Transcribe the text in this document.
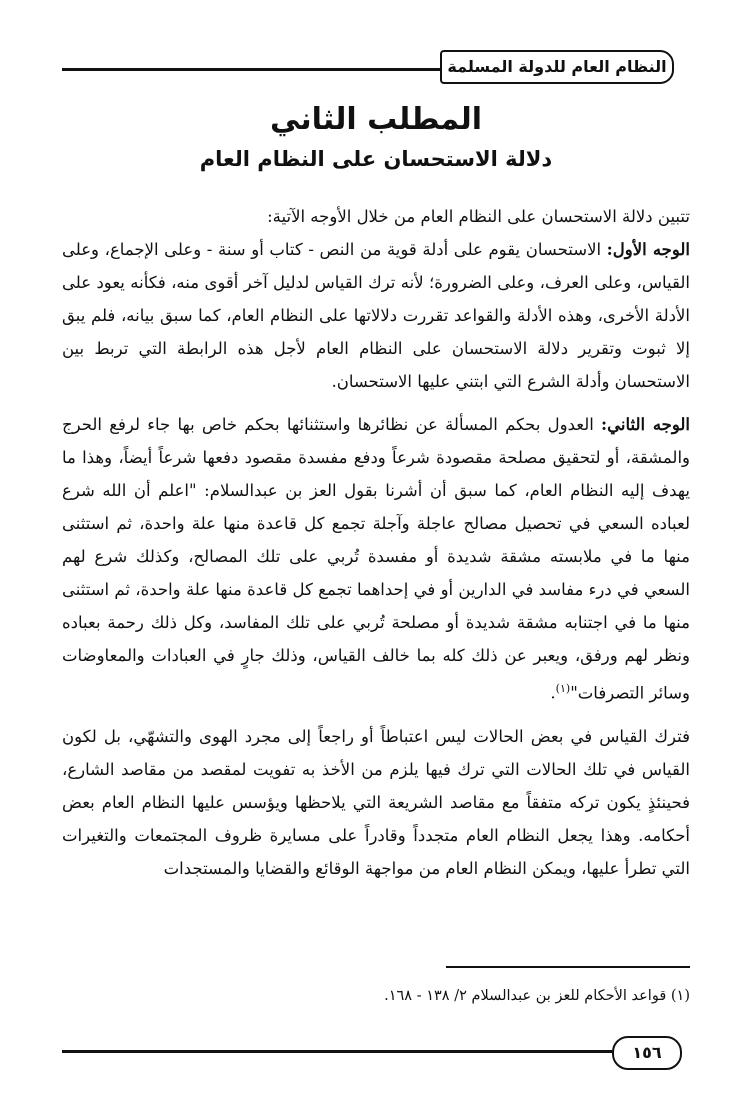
النظام العام للدولة المسلمة
المطلب الثاني
دلالة الاستحسان على النظام العام

تتبين دلالة الاستحسان على النظام العام من خلال الأوجه الآتية:

الوجه الأول: الاستحسان يقوم على أدلة قوية من النص - كتاب أو سنة - وعلى الإجماع، وعلى القياس، وعلى العرف، وعلى الضرورة؛ لأنه ترك القياس لدليل آخر أقوى منه، فكأنه يعود على الأدلة الأخرى، وهذه الأدلة والقواعد تقررت دلالاتها على النظام العام، كما سبق بيانه، فلم يبق إلا ثبوت وتقرير دلالة الاستحسان على النظام العام لأجل هذه الرابطة التي تربط بين الاستحسان وأدلة الشرع التي ابتني عليها الاستحسان.

الوجه الثاني: العدول بحكم المسألة عن نظائرها واستثنائها بحكم خاص بها جاء لرفع الحرج والمشقة، أو لتحقيق مصلحة مقصودة شرعاً ودفع مفسدة مقصود دفعها شرعاً أيضاً، وهذا ما يهدف إليه النظام العام، كما سبق أن أشرنا بقول العز بن عبدالسلام: "اعلم أن الله شرع لعباده السعي في تحصيل مصالح عاجلة وآجلة تجمع كل قاعدة منها علة واحدة، ثم استثنى منها ما في ملابسته مشقة شديدة أو مفسدة تُربي على تلك المصالح، وكذلك شرع لهم السعي في درء مفاسد في الدارين أو في إحداهما تجمع كل قاعدة منها علة واحدة، ثم استثنى منها ما في اجتنابه مشقة شديدة أو مصلحة تُربي على تلك المفاسد، وكل ذلك رحمة بعباده ونظر لهم ورفق، ويعبر عن ذلك كله بما خالف القياس، وذلك جارٍ في العبادات والمعاوضات وسائر التصرفات"$^{(١)}$.

فترك القياس في بعض الحالات ليس اعتباطاً أو راجعاً إلى مجرد الهوى والتشهّي، بل لكون القياس في تلك الحالات التي ترك فيها يلزم من الأخذ به تفويت لمقصد من مقاصد الشارع، فحينئذٍ يكون تركه متفقاً مع مقاصد الشريعة التي يلاحظها ويؤسس عليها النظام العام بعض أحكامه. وهذا يجعل النظام العام متجدداً وقادراً على مسايرة ظروف المجتمعات والتغيرات التي تطرأ عليها، ويمكن النظام العام من مواجهة الوقائع والقضايا والمستجدات

(١) قواعد الأحكام للعز بن عبدالسلام ٢/ ١٣٨ - ١٦٨.
١٥٦
